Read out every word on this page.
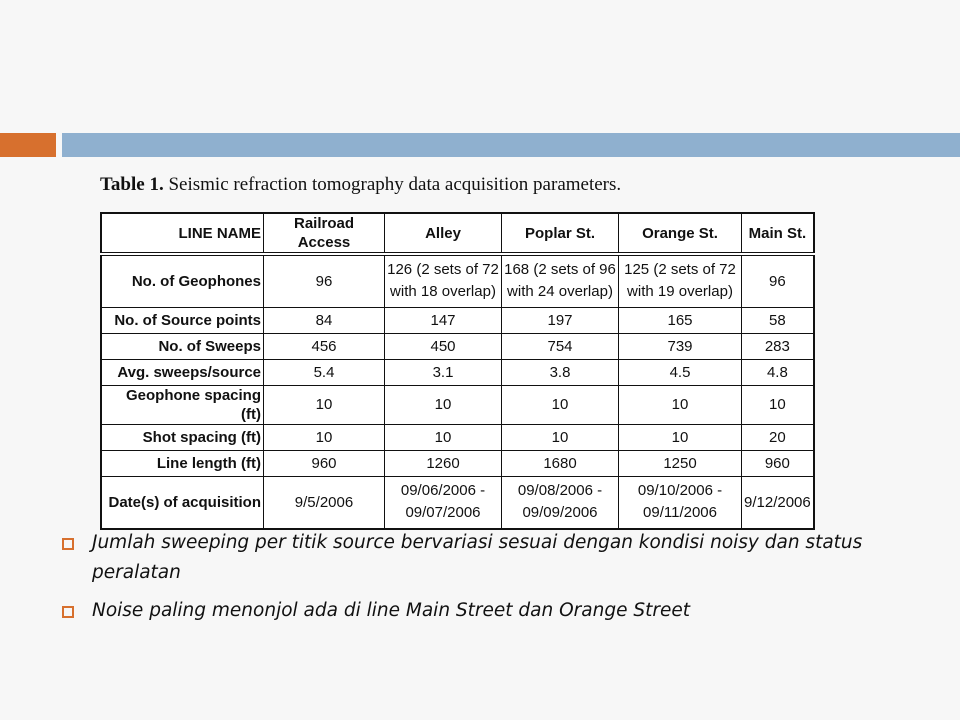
Table 1. Seismic refraction tomography data acquisition parameters.
LINE NAME	Railroad Access	Alley	Poplar St.	Orange St.	Main St.
No. of Geophones	96	126 (2 sets of 72 with 18 overlap)	168 (2 sets of 96 with 24 overlap)	125 (2 sets of 72 with 19 overlap)	96
No. of Source points	84	147	197	165	58
No. of Sweeps	456	450	754	739	283
Avg. sweeps/source	5.4	3.1	3.8	4.5	4.8
Geophone spacing (ft)	10	10	10	10	10
Shot spacing (ft)	10	10	10	10	20
Line length (ft)	960	1260	1680	1250	960
Date(s) of acquisition	9/5/2006	09/06/2006 - 09/07/2006	09/08/2006 - 09/09/2006	09/10/2006 - 09/11/2006	9/12/2006
Jumlah sweeping per titik source bervariasi sesuai dengan kondisi noisy dan status peralatan
Noise paling menonjol ada di line Main Street dan Orange Street
